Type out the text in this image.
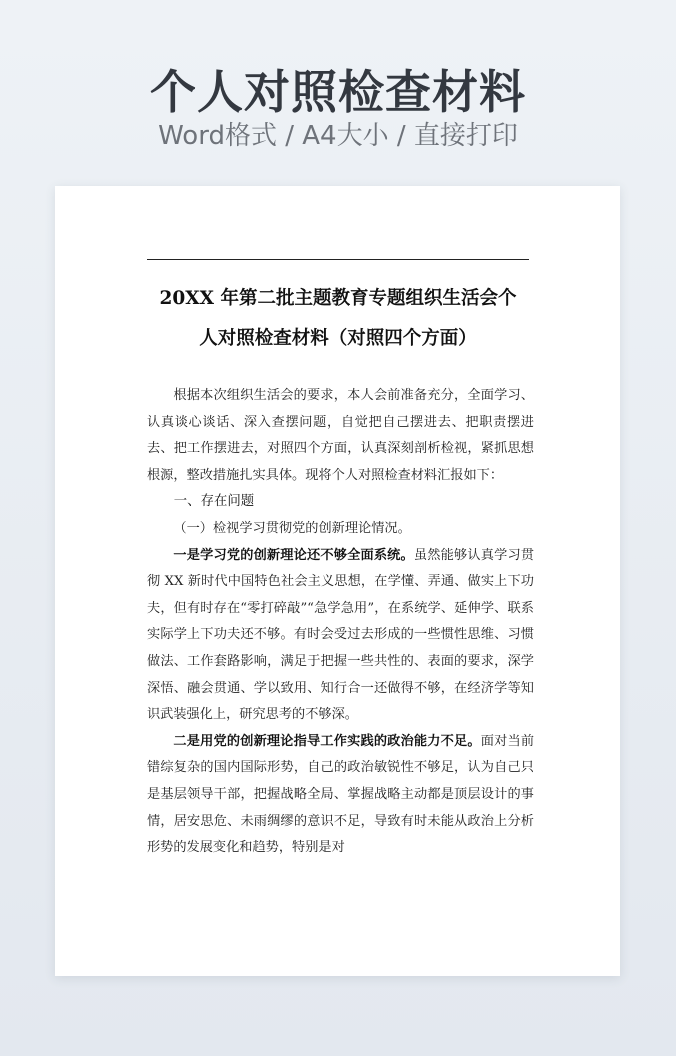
个人对照检查材料
Word格式 / A4大小 / 直接打印
20XX 年第二批主题教育专题组织生活会个
人对照检查材料（对照四个方面）

根据本次组织生活会的要求，本人会前准备充分，全面学习、认真谈心谈话、深入查摆问题，自觉把自己摆进去、把职责摆进去、把工作摆进去，对照四个方面，认真深刻剖析检视，紧抓思想根源，整改措施扎实具体。现将个人对照检查材料汇报如下：

一、存在问题

（一）检视学习贯彻党的创新理论情况。

一是学习党的创新理论还不够全面系统。虽然能够认真学习贯彻 XX 新时代中国特色社会主义思想，在学懂、弄通、做实上下功夫，但有时存在“零打碎敲”“急学急用”，在系统学、延伸学、联系实际学上下功夫还不够。有时会受过去形成的一些惯性思维、习惯做法、工作套路影响，满足于把握一些共性的、表面的要求，深学深悟、融会贯通、学以致用、知行合一还做得不够，在经济学等知识武装强化上，研究思考的不够深。

二是用党的创新理论指导工作实践的政治能力不足。面对当前错综复杂的国内国际形势，自己的政治敏锐性不够足，认为自己只是基层领导干部，把握战略全局、掌握战略主动都是顶层设计的事情，居安思危、未雨绸缪的意识不足，导致有时未能从政治上分析形势的发展变化和趋势，特别是对
